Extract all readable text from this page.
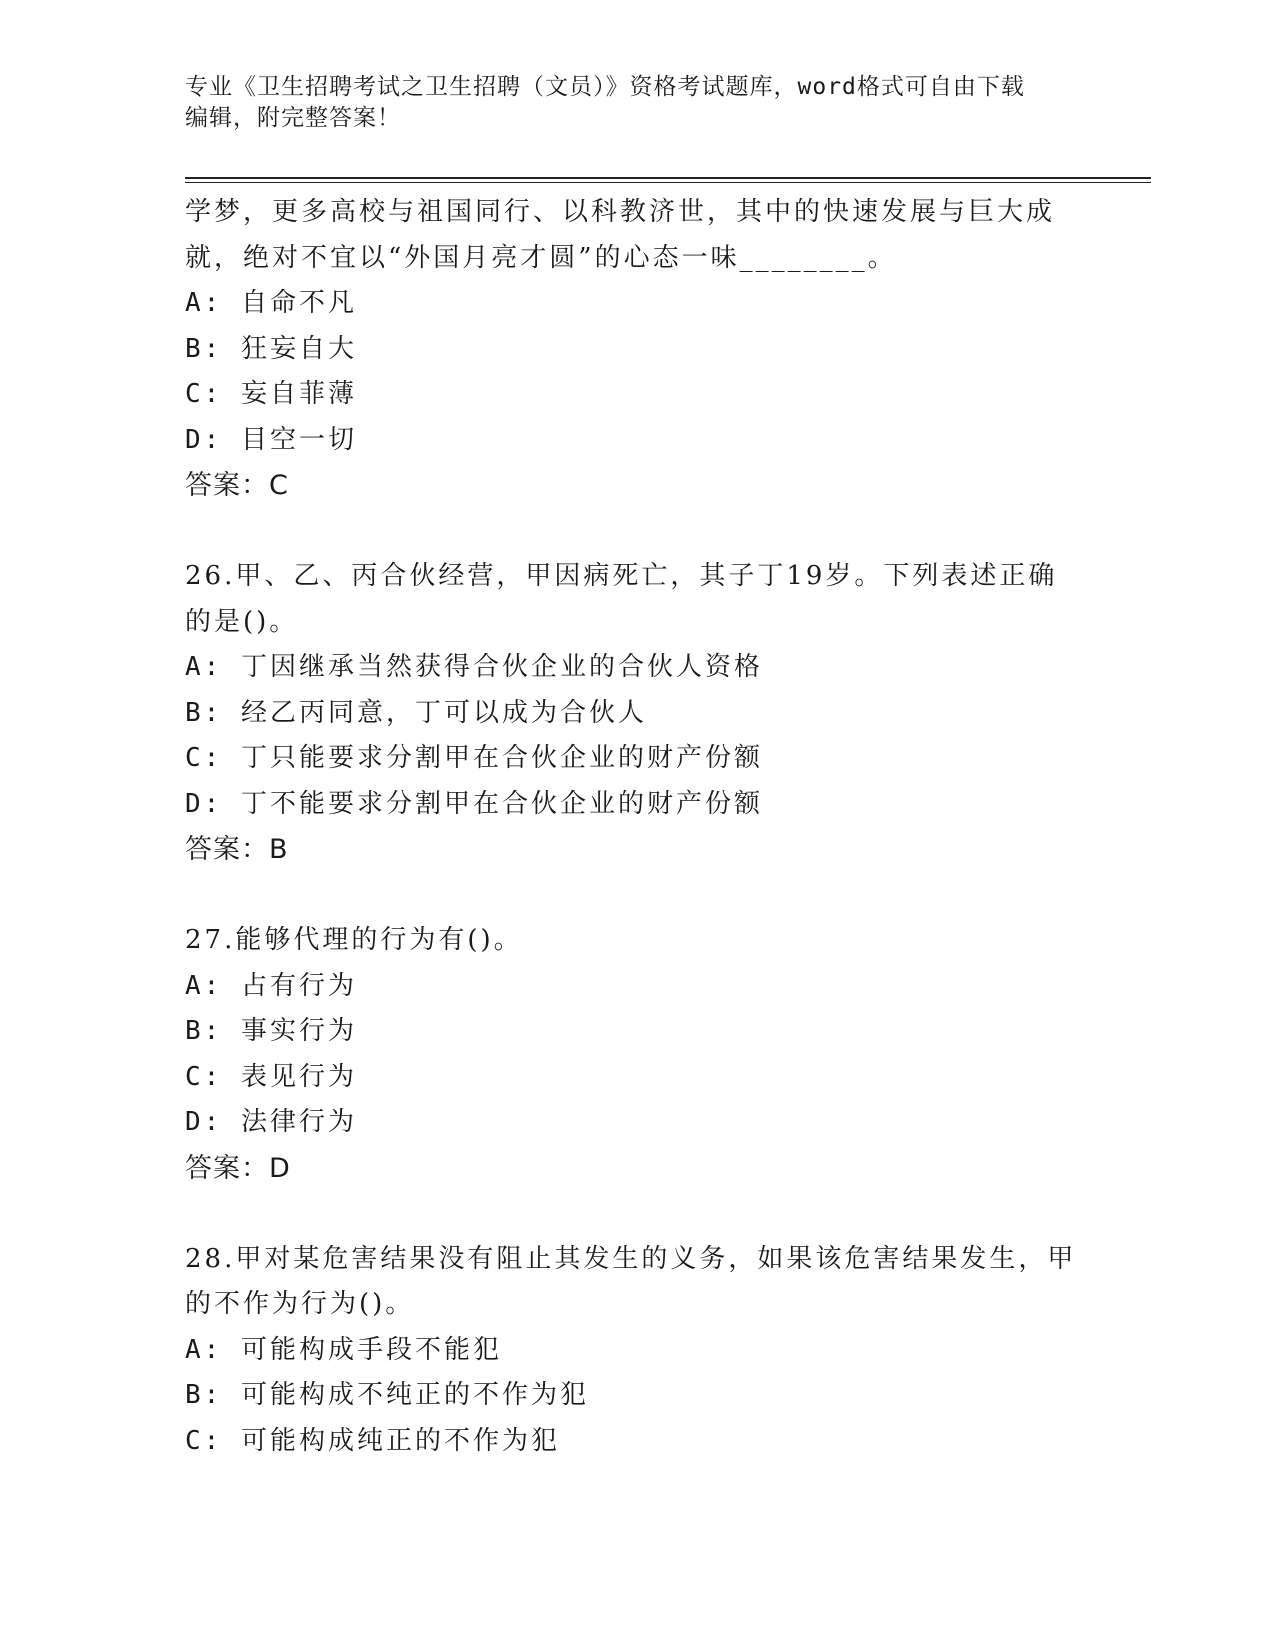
专业《卫生招聘考试之卫生招聘（文员）》资格考试题库，word格式可自由下载
编辑，附完整答案！
学梦，更多高校与祖国同行、以科教济世，其中的快速发展与巨大成
就，绝对不宜以“外国月亮才圆”的心态一味________。
A: 自命不凡
B: 狂妄自大
C: 妄自菲薄
D: 目空一切
答案：C
26.甲、乙、丙合伙经营，甲因病死亡，其子丁19岁。下列表述正确
的是()。
A: 丁因继承当然获得合伙企业的合伙人资格
B: 经乙丙同意，丁可以成为合伙人
C: 丁只能要求分割甲在合伙企业的财产份额
D: 丁不能要求分割甲在合伙企业的财产份额
答案：B
27.能够代理的行为有()。
A: 占有行为
B: 事实行为
C: 表见行为
D: 法律行为
答案：D
28.甲对某危害结果没有阻止其发生的义务，如果该危害结果发生，甲
的不作为行为()。
A: 可能构成手段不能犯
B: 可能构成不纯正的不作为犯
C: 可能构成纯正的不作为犯
